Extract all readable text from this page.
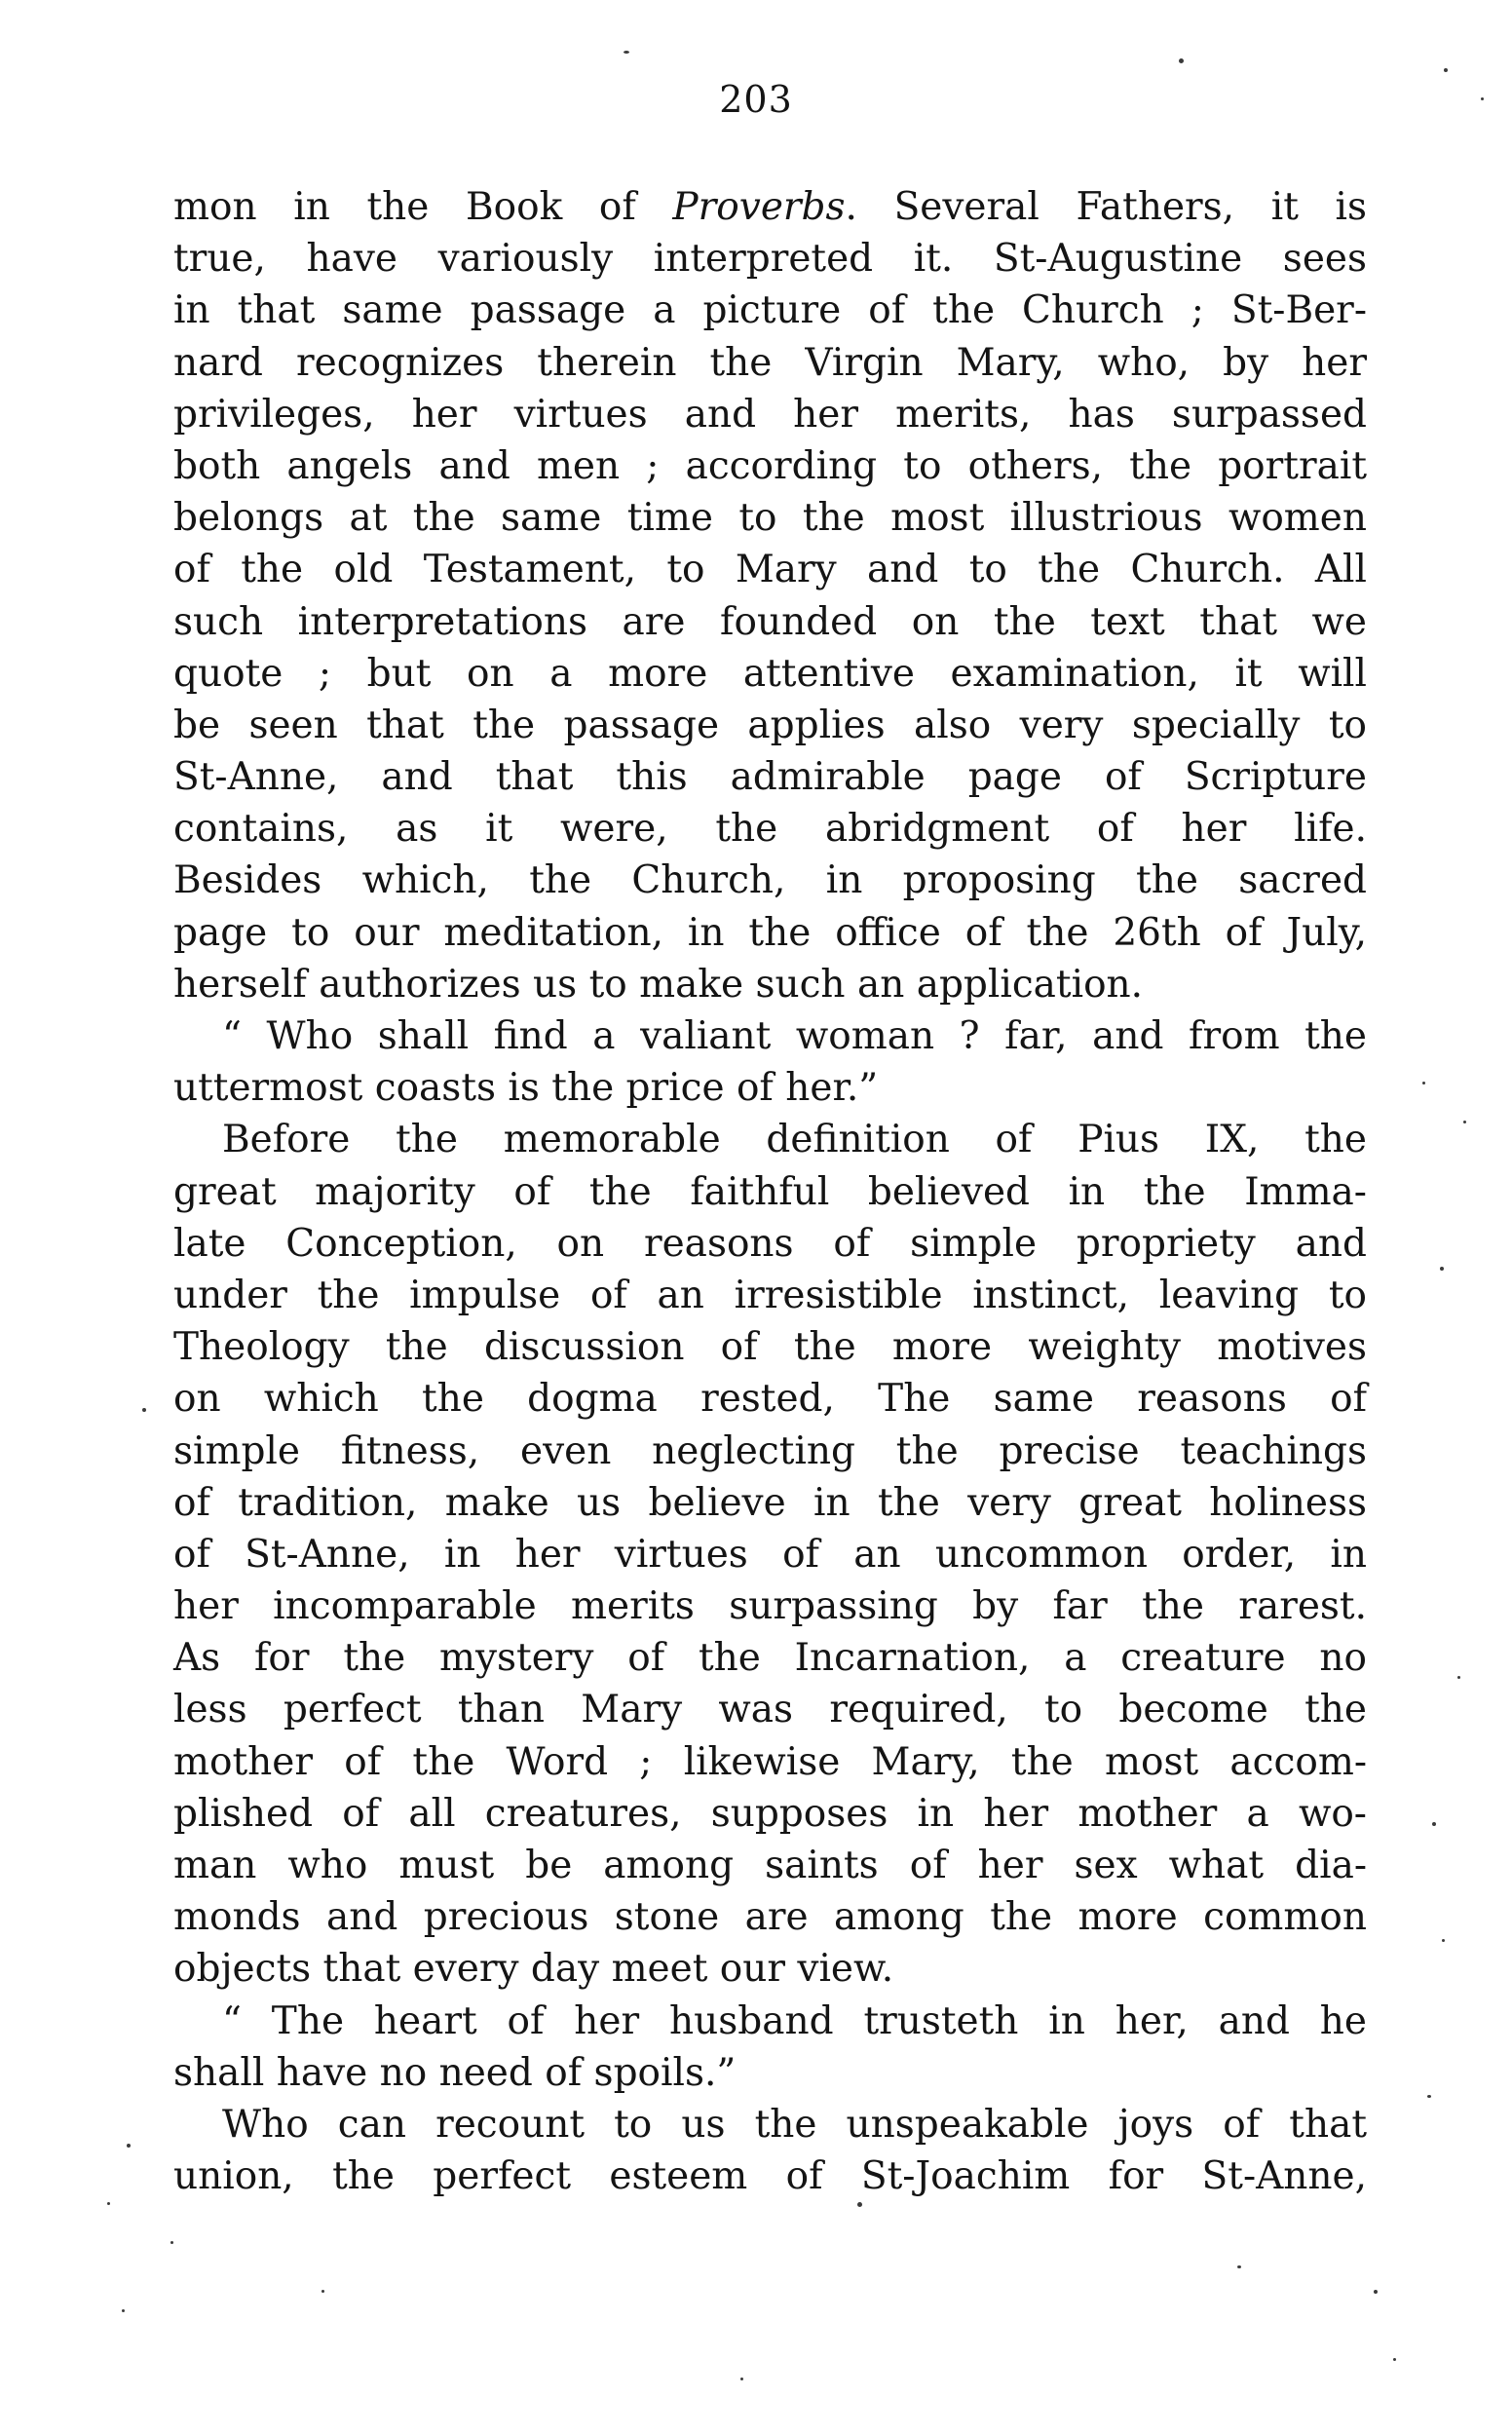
203
mon in the Book of Proverbs. Several Fathers, it is
true, have variously interpreted it. St-Augustine sees
in that same passage a picture of the Church ; St-Ber-
nard recognizes therein the Virgin Mary, who, by her
privileges, her virtues and her merits, has surpassed
both angels and men ; according to others, the portrait
belongs at the same time to the most illustrious women
of the old Testament, to Mary and to the Church. All
such interpretations are founded on the text that we
quote ; but on a more attentive examination, it will
be seen that the passage applies also very specially to
St-Anne, and that this admirable page of Scripture
contains, as it were, the abridgment of her life.
Besides which, the Church, in proposing the sacred
page to our meditation, in the office of the 26th of July,
herself authorizes us to make such an application.
“ Who shall find a valiant woman ? far, and from the
uttermost coasts is the price of her.”
Before the memorable definition of Pius IX, the
great majority of the faithful believed in the Imma-
late Conception, on reasons of simple propriety and
under the impulse of an irresistible instinct, leaving to
Theology the discussion of the more weighty motives
on which the dogma rested, The same reasons of
simple fitness, even neglecting the precise teachings
of tradition, make us believe in the very great holiness
of St-Anne, in her virtues of an uncommon order, in
her incomparable merits surpassing by far the rarest.
As for the mystery of the Incarnation, a creature no
less perfect than Mary was required, to become the
mother of the Word ; likewise Mary, the most accom-
plished of all creatures, supposes in her mother a wo-
man who must be among saints of her sex what dia-
monds and precious stone are among the more common
objects that every day meet our view.
“ The heart of her husband trusteth in her, and he
shall have no need of spoils.”
Who can recount to us the unspeakable joys of that
union, the perfect esteem of St-Joachim for St-Anne,
